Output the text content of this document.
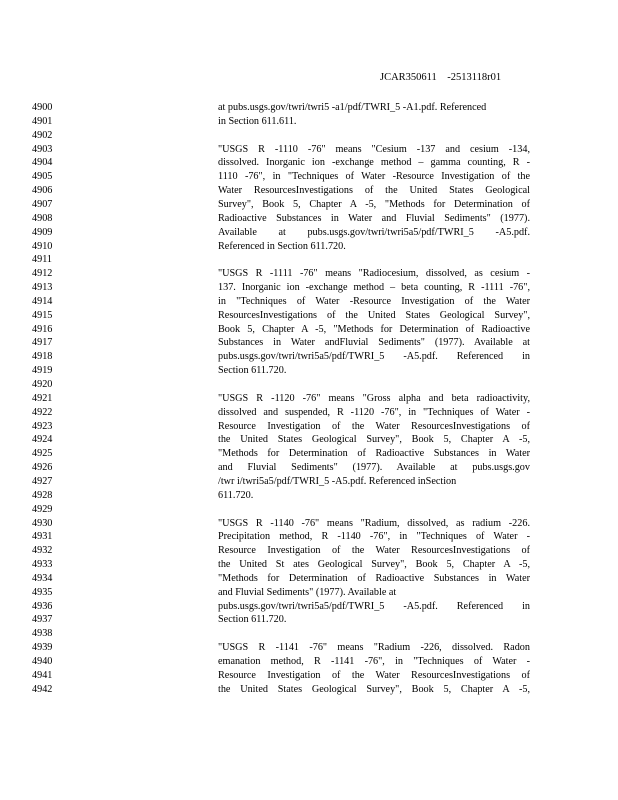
JCAR350611 -2513118r01
4900	at pubs.usgs.gov/twri/twri5 -a1/pdf/TWRI_5 -A1.pdf. Referenced
4901	in Section 611.611.
4902
4903	"USGS R -1110 -76" means "Cesium -137 and cesium -134,
4904	dissolved. Inorganic ion -exchange method – gamma counting, R -
4905	1110 -76", in "Techniques of Water -Resource Investigation of the
4906	Water ResourcesInvestigations of the United States Geological
4907	Survey", Book 5, Chapter A -5, "Methods for Determination of
4908	Radioactive Substances in Water and Fluvial Sediments" (1977).
4909	Available at pubs.usgs.gov/twri/twri5a5/pdf/TWRI_5 -A5.pdf.
4910	Referenced in Section 611.720.
4911
4912	"USGS R -1111 -76" means "Radiocesium, dissolved, as cesium -
4913	137. Inorganic ion -exchange method – beta counting, R -1111 -76",
4914	in "Techniques of Water -Resource Investigation of the Water
4915	ResourcesInvestigations of the United States Geological Survey",
4916	Book 5, Chapter A -5, "Methods for Determination of Radioactive
4917	Substances in Water andFluvial Sediments" (1977). Available at
4918	pubs.usgs.gov/twri/twri5a5/pdf/TWRI_5 -A5.pdf. Referenced in
4919	Section 611.720.
4920
4921	"USGS R -1120 -76" means "Gross alpha and beta radioactivity,
4922	dissolved and suspended, R -1120 -76", in "Techniques of Water -
4923	Resource Investigation of the Water ResourcesInvestigations of
4924	the United States Geological Survey", Book 5, Chapter A -5,
4925	"Methods for Determination of Radioactive Substances in Water
4926	and Fluvial Sediments" (1977). Available at pubs.usgs.gov
4927	/twr i/twri5a5/pdf/TWRI_5 -A5.pdf. Referenced inSection
4928	611.720.
4929
4930	"USGS R -1140 -76" means "Radium, dissolved, as radium -226.
4931	Precipitation method, R -1140 -76", in "Techniques of Water -
4932	Resource Investigation of the Water ResourcesInvestigations of
4933	the United St ates Geological Survey", Book 5, Chapter A -5,
4934	"Methods for Determination of Radioactive Substances in Water
4935	and Fluvial Sediments" (1977). Available at
4936	pubs.usgs.gov/twri/twri5a5/pdf/TWRI_5 -A5.pdf. Referenced in
4937	Section 611.720.
4938
4939	"USGS R -1141 -76" means "Radium -226, dissolved. Radon
4940	emanation method, R -1141 -76", in "Techniques of Water -
4941	Resource Investigation of the Water ResourcesInvestigations of
4942	the United States Geological Survey", Book 5, Chapter A -5,
